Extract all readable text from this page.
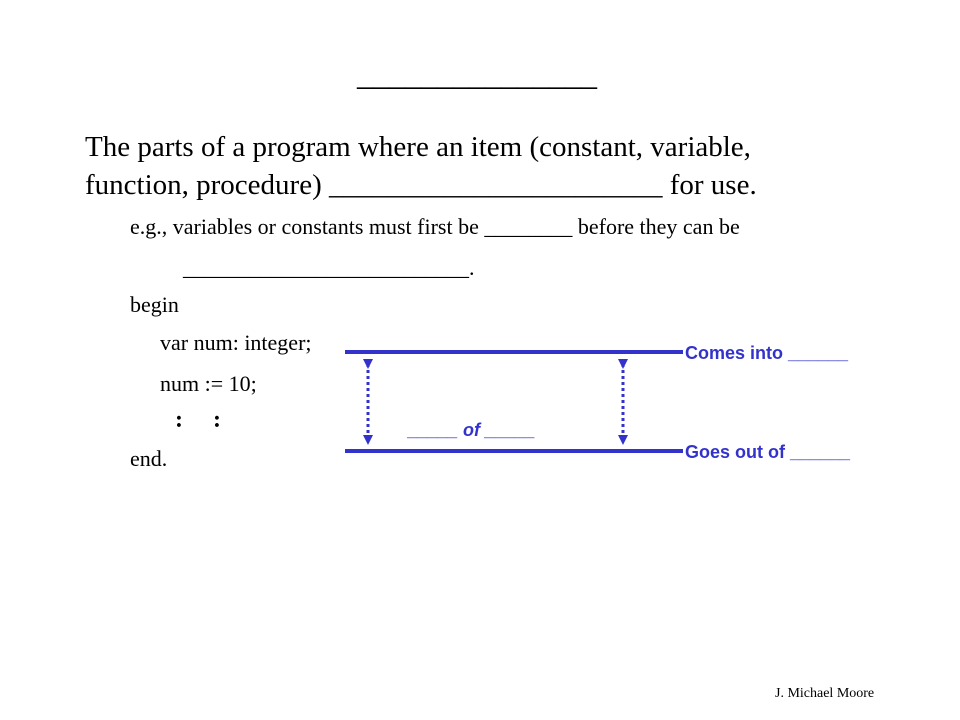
_______________
The parts of a program where an item (constant, variable,
function, procedure) _______________________ for use.
e.g., variables or constants must first be ________ before they can be
__________________________.
begin
var num: integer;
num := 10;
:     :
end.
Comes into ______
Goes out of ______
_____ of _____
J. Michael Moore
